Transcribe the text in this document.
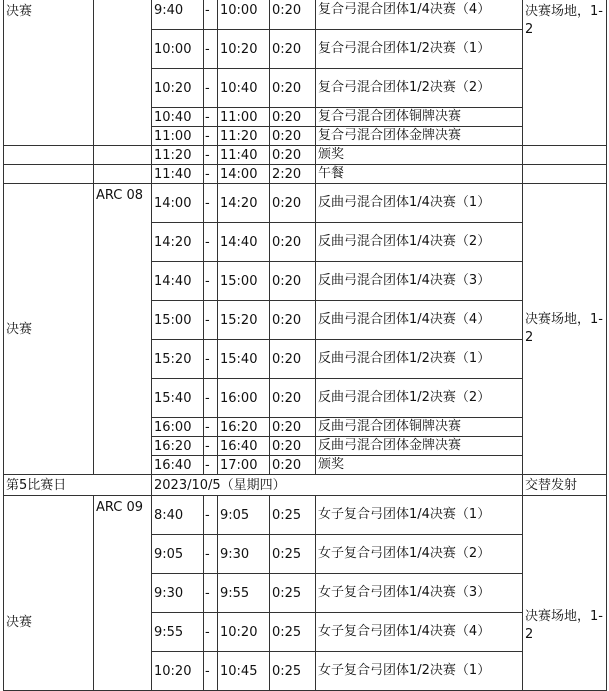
决赛		9:40	-	10:00	0:20	复合弓混合团体1/4决赛（4）	决赛场地，1-2
		10:00	-	10:20	0:20	复合弓混合团体1/2决赛（1）	
		10:20	-	10:40	0:20	复合弓混合团体1/2决赛（2）	
		10:40	-	11:00	0:20	复合弓混合团体铜牌决赛	
		11:00	-	11:20	0:20	复合弓混合团体金牌决赛	
		11:20	-	11:40	0:20	颁奖	
		11:40	-	14:00	2:20	午餐	
决赛	ARC 08	14:00	-	14:20	0:20	反曲弓混合团体1/4决赛（1）	决赛场地，1-2
		14:20	-	14:40	0:20	反曲弓混合团体1/4决赛（2）	
		14:40	-	15:00	0:20	反曲弓混合团体1/4决赛（3）	
		15:00	-	15:20	0:20	反曲弓混合团体1/4决赛（4）	
		15:20	-	15:40	0:20	反曲弓混合团体1/2决赛（1）	
		15:40	-	16:00	0:20	反曲弓混合团体1/2决赛（2）	
		16:00	-	16:20	0:20	反曲弓混合团体铜牌决赛	
		16:20	-	16:40	0:20	反曲弓混合团体金牌决赛	
		16:40	-	17:00	0:20	颁奖	
第5比赛日		2023/10/5（星期四）					交替发射
决赛	ARC 09	8:40	-	9:05	0:25	女子复合弓团体1/4决赛（1）	决赛场地，1-2
		9:05	-	9:30	0:25	女子复合弓团体1/4决赛（2）	
		9:30	-	9:55	0:25	女子复合弓团体1/4决赛（3）	
		9:55	-	10:20	0:25	女子复合弓团体1/4决赛（4）	
		10:20	-	10:45	0:25	女子复合弓团体1/2决赛（1）	
